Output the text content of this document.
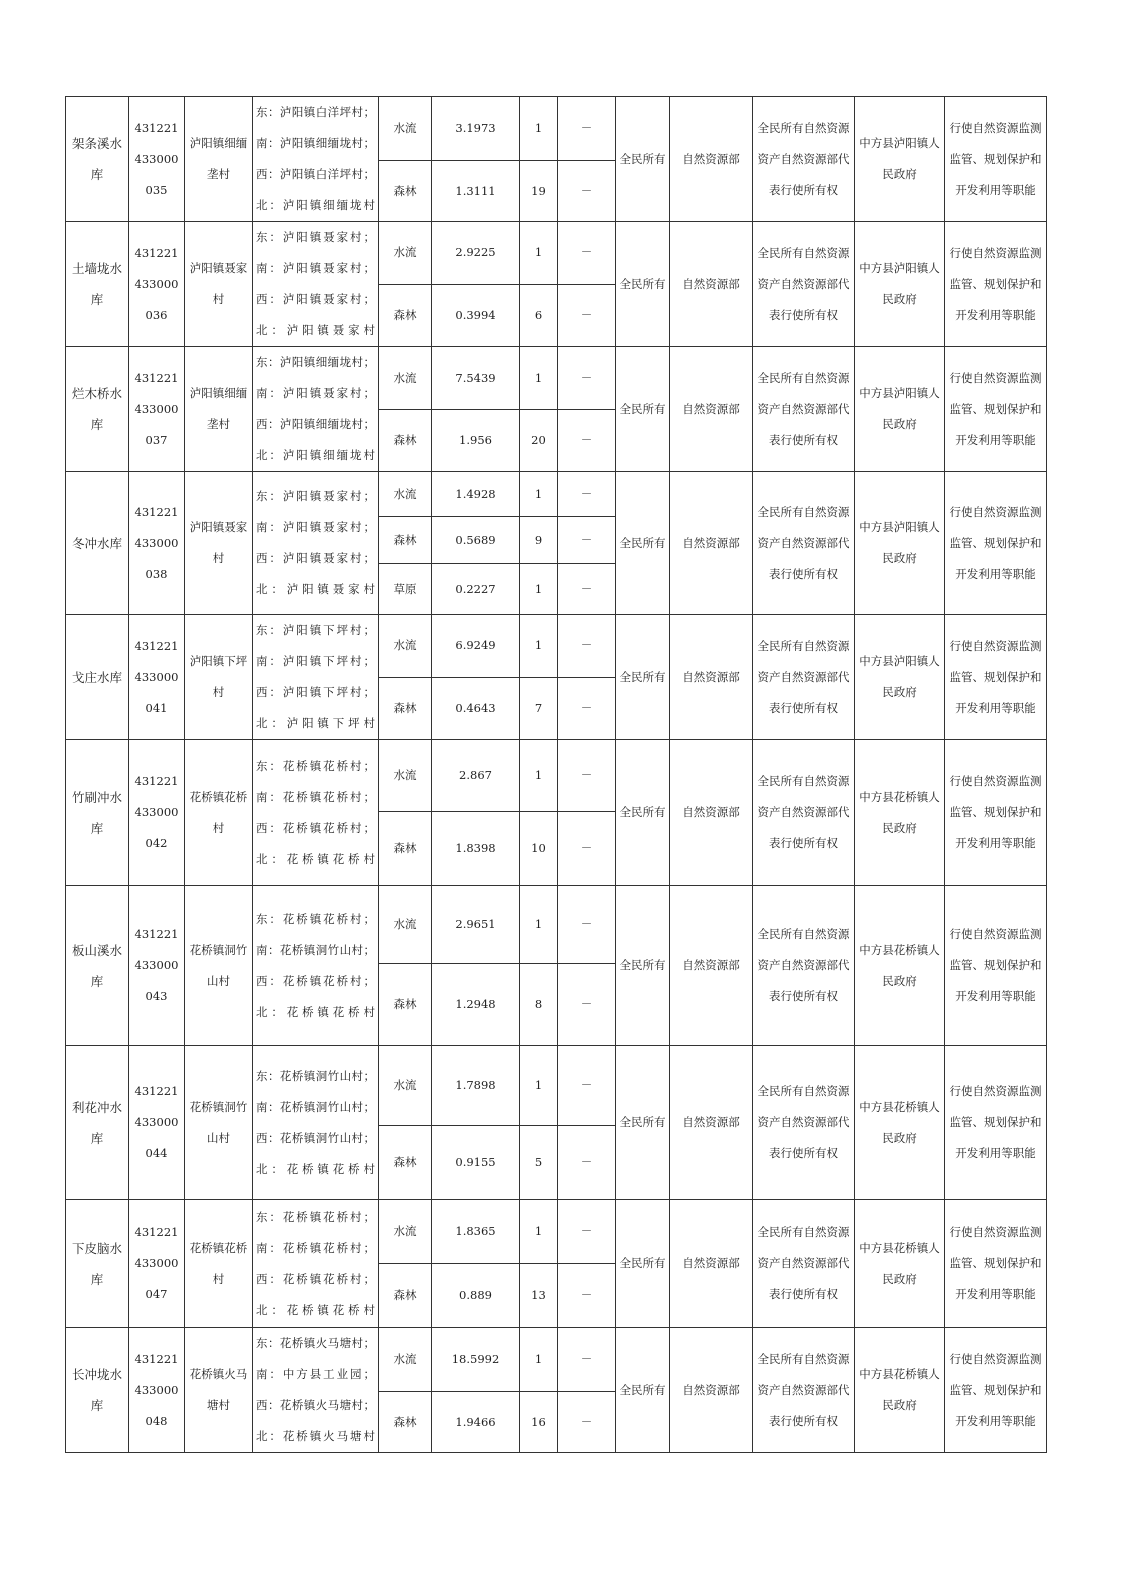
架条溪水库	431221433000035	泸阳镇细缅垄村	东：泸阳镇白洋坪村；南：泸阳镇细缅垅村；西：泸阳镇白洋坪村；北：泸阳镇细缅垅村	水流	3.1973	1	－	全民所有	自然资源部	全民所有自然资源资产自然资源部代表行使所有权	中方县泸阳镇人民政府	行使自然资源监测监管、规划保护和开发利用等职能
				森林	1.3111	19	－					
土墙垅水库	431221433000036	泸阳镇聂家村	东：泸阳镇聂家村；南：泸阳镇聂家村；西：泸阳镇聂家村；北：泸阳镇聂家村	水流	2.9225	1	－	全民所有	自然资源部	全民所有自然资源资产自然资源部代表行使所有权	中方县泸阳镇人民政府	行使自然资源监测监管、规划保护和开发利用等职能
				森林	0.3994	6	－					
烂木桥水库	431221433000037	泸阳镇细缅垄村	东：泸阳镇细缅垅村；南：泸阳镇聂家村；西：泸阳镇细缅垅村；北：泸阳镇细缅垅村	水流	7.5439	1	－	全民所有	自然资源部	全民所有自然资源资产自然资源部代表行使所有权	中方县泸阳镇人民政府	行使自然资源监测监管、规划保护和开发利用等职能
				森林	1.956	20	－					
冬冲水库	431221433000038	泸阳镇聂家村	东：泸阳镇聂家村；南：泸阳镇聂家村；西：泸阳镇聂家村；北：泸阳镇聂家村	水流	1.4928	1	－	全民所有	自然资源部	全民所有自然资源资产自然资源部代表行使所有权	中方县泸阳镇人民政府	行使自然资源监测监管、规划保护和开发利用等职能
				森林	0.5689	9	－					
				草原	0.2227	1	－					
戈庄水库	431221433000041	泸阳镇下坪村	东：泸阳镇下坪村；南：泸阳镇下坪村；西：泸阳镇下坪村；北：泸阳镇下坪村	水流	6.9249	1	－	全民所有	自然资源部	全民所有自然资源资产自然资源部代表行使所有权	中方县泸阳镇人民政府	行使自然资源监测监管、规划保护和开发利用等职能
				森林	0.4643	7	－					
竹刷冲水库	431221433000042	花桥镇花桥村	东：花桥镇花桥村；南：花桥镇花桥村；西：花桥镇花桥村；北：花桥镇花桥村	水流	2.867	1	－	全民所有	自然资源部	全民所有自然资源资产自然资源部代表行使所有权	中方县花桥镇人民政府	行使自然资源监测监管、规划保护和开发利用等职能
				森林	1.8398	10	－					
板山溪水库	431221433000043	花桥镇洞竹山村	东：花桥镇花桥村；南：花桥镇洞竹山村；西：花桥镇花桥村；北：花桥镇花桥村	水流	2.9651	1	－	全民所有	自然资源部	全民所有自然资源资产自然资源部代表行使所有权	中方县花桥镇人民政府	行使自然资源监测监管、规划保护和开发利用等职能
				森林	1.2948	8	－					
利花冲水库	431221433000044	花桥镇洞竹山村	东：花桥镇洞竹山村；南：花桥镇洞竹山村；西：花桥镇洞竹山村；北：花桥镇花桥村	水流	1.7898	1	－	全民所有	自然资源部	全民所有自然资源资产自然资源部代表行使所有权	中方县花桥镇人民政府	行使自然资源监测监管、规划保护和开发利用等职能
				森林	0.9155	5	－					
下皮脑水库	431221433000047	花桥镇花桥村	东：花桥镇花桥村；南：花桥镇花桥村；西：花桥镇花桥村；北：花桥镇花桥村	水流	1.8365	1	－	全民所有	自然资源部	全民所有自然资源资产自然资源部代表行使所有权	中方县花桥镇人民政府	行使自然资源监测监管、规划保护和开发利用等职能
				森林	0.889	13	－					
长冲垅水库	431221433000048	花桥镇火马塘村	东：花桥镇火马塘村；南：中方县工业园；西：花桥镇火马塘村；北：花桥镇火马塘村	水流	18.5992	1	－	全民所有	自然资源部	全民所有自然资源资产自然资源部代表行使所有权	中方县花桥镇人民政府	行使自然资源监测监管、规划保护和开发利用等职能
				森林	1.9466	16	－					
